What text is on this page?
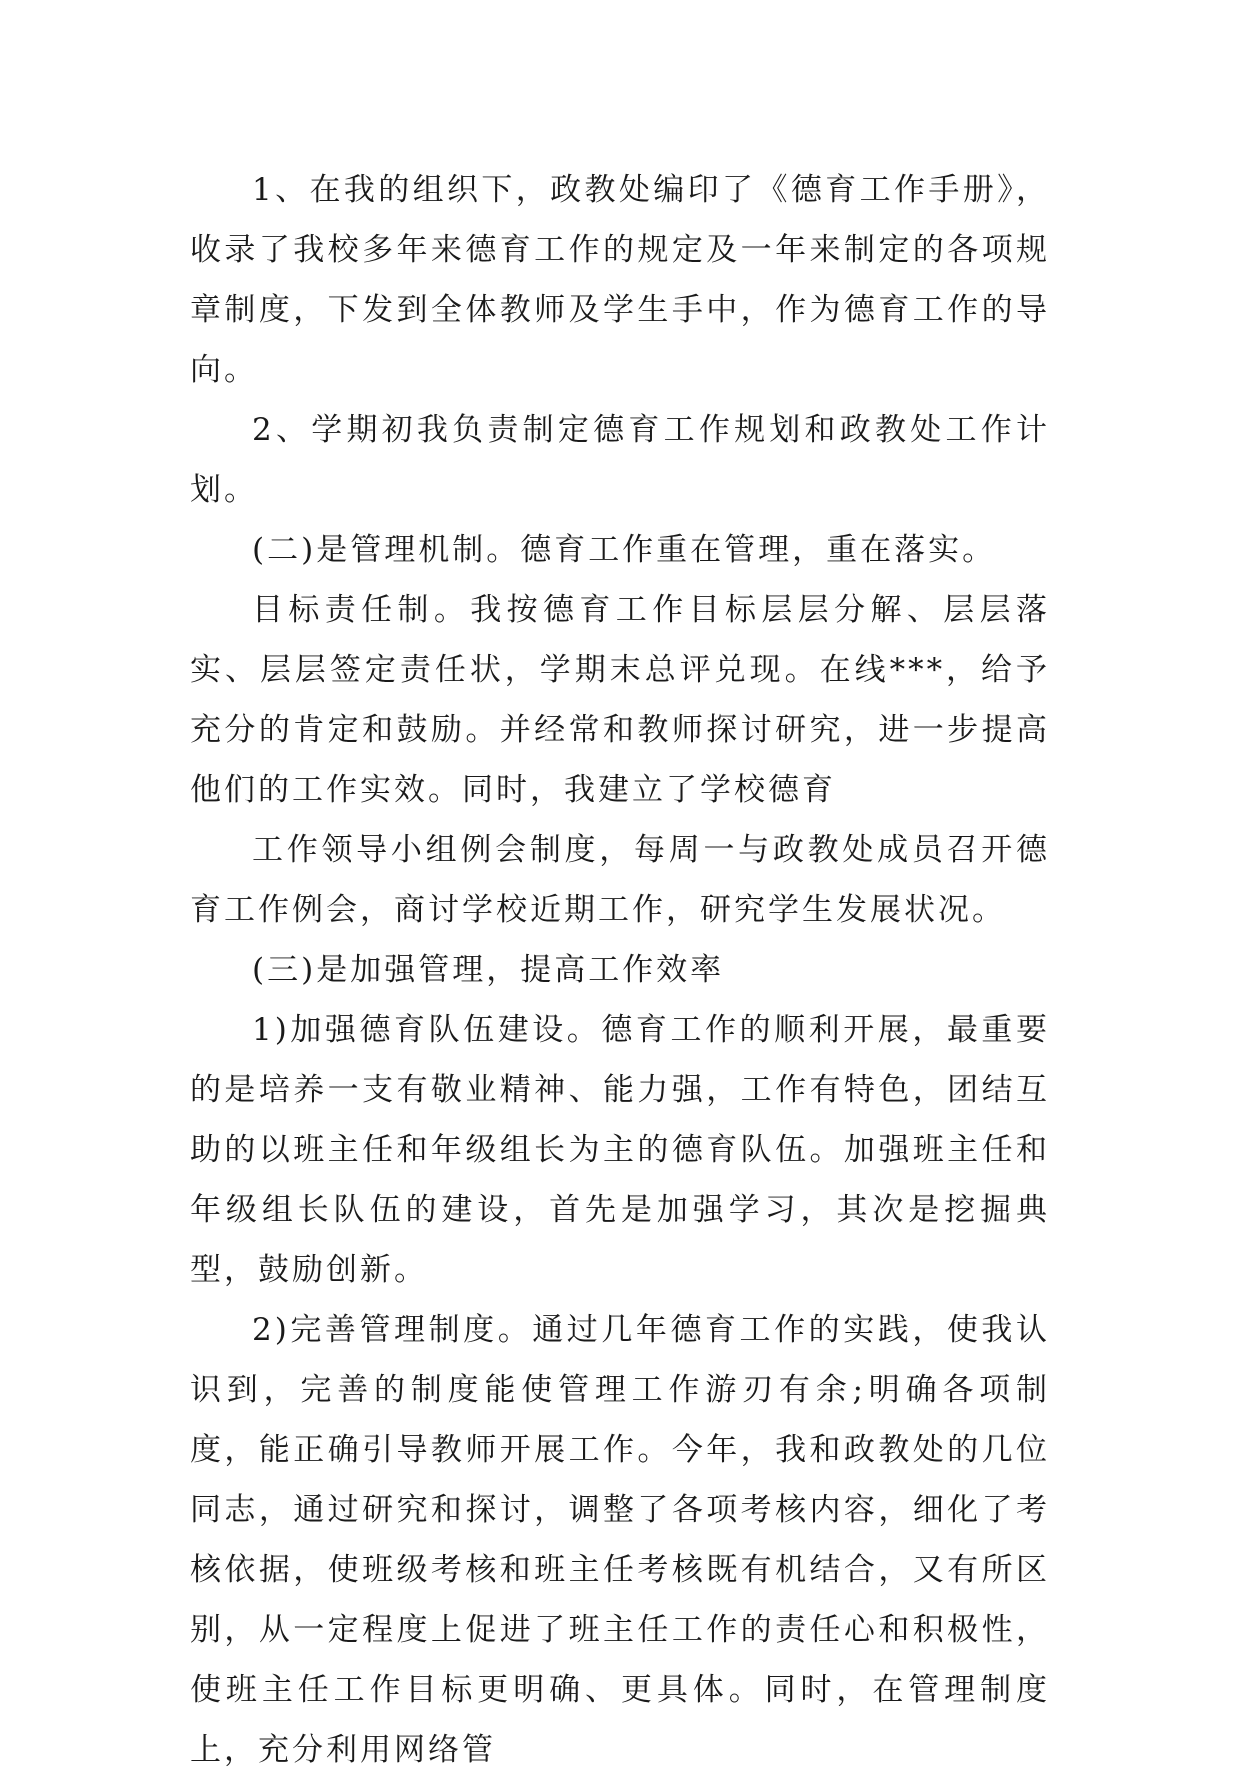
1、在我的组织下，政教处编印了《德育工作手册》，收录了我校多年来德育工作的规定及一年来制定的各项规章制度，下发到全体教师及学生手中，作为德育工作的导向。

2、学期初我负责制定德育工作规划和政教处工作计划。

(二)是管理机制。德育工作重在管理，重在落实。

目标责任制。我按德育工作目标层层分解、层层落实、层层签定责任状，学期末总评兑现。在线***，给予充分的肯定和鼓励。并经常和教师探讨研究，进一步提高他们的工作实效。同时，我建立了学校德育

工作领导小组例会制度，每周一与政教处成员召开德育工作例会，商讨学校近期工作，研究学生发展状况。

(三)是加强管理，提高工作效率

1)加强德育队伍建设。德育工作的顺利开展，最重要的是培养一支有敬业精神、能力强，工作有特色，团结互助的以班主任和年级组长为主的德育队伍。加强班主任和年级组长队伍的建设，首先是加强学习，其次是挖掘典型，鼓励创新。

2)完善管理制度。通过几年德育工作的实践，使我认识到，完善的制度能使管理工作游刃有余;明确各项制度，能正确引导教师开展工作。今年，我和政教处的几位同志，通过研究和探讨，调整了各项考核内容，细化了考核依据，使班级考核和班主任考核既有机结合，又有所区别，从一定程度上促进了班主任工作的责任心和积极性，使班主任工作目标更明确、更具体。同时，在管理制度上，充分利用网络管
